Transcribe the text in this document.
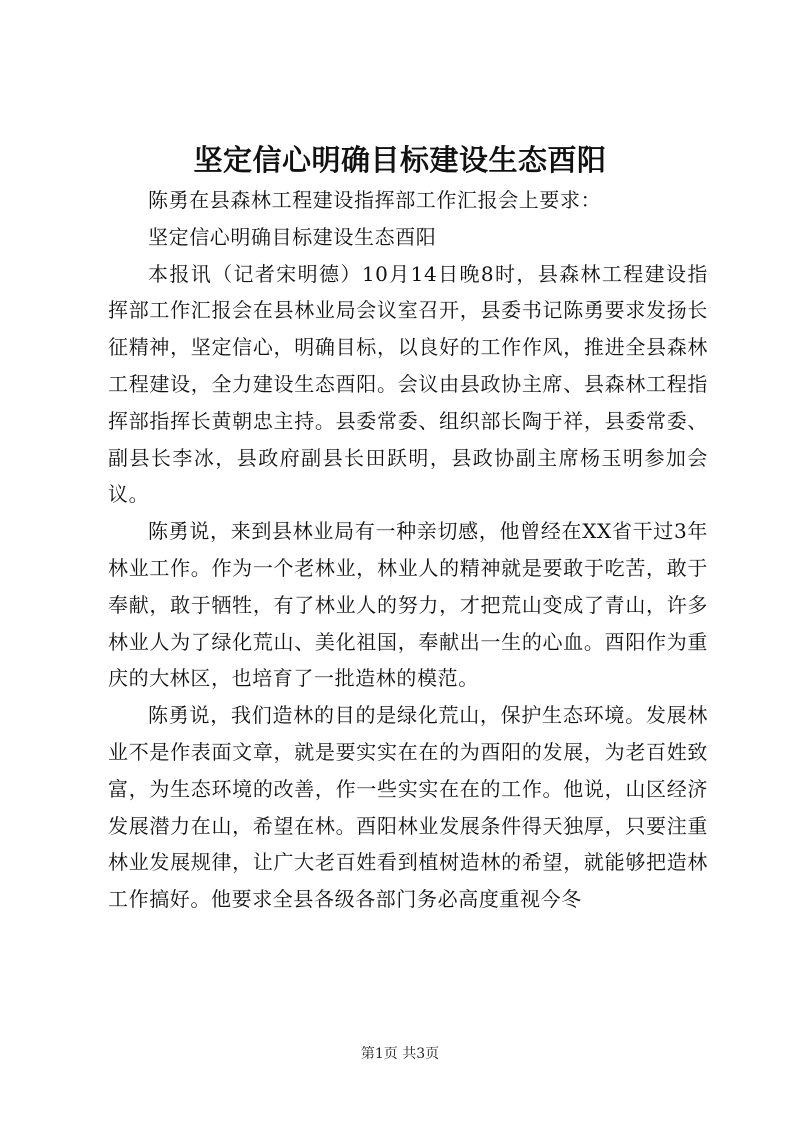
坚定信心明确目标建设生态酉阳

陈勇在县森林工程建设指挥部工作汇报会上要求：

坚定信心明确目标建设生态酉阳

本报讯（记者宋明德）10月14日晚8时，县森林工程建设指挥部工作汇报会在县林业局会议室召开，县委书记陈勇要求发扬长征精神，坚定信心，明确目标，以良好的工作作风，推进全县森林工程建设，全力建设生态酉阳。会议由县政协主席、县森林工程指挥部指挥长黄朝忠主持。县委常委、组织部长陶于祥，县委常委、副县长李冰，县政府副县长田跃明，县政协副主席杨玉明参加会议。

陈勇说，来到县林业局有一种亲切感，他曾经在XX省干过3年林业工作。作为一个老林业，林业人的精神就是要敢于吃苦，敢于奉献，敢于牺牲，有了林业人的努力，才把荒山变成了青山，许多林业人为了绿化荒山、美化祖国，奉献出一生的心血。酉阳作为重庆的大林区，也培育了一批造林的模范。

陈勇说，我们造林的目的是绿化荒山，保护生态环境。发展林业不是作表面文章，就是要实实在在的为酉阳的发展，为老百姓致富，为生态环境的改善，作一些实实在在的工作。他说，山区经济发展潜力在山，希望在林。酉阳林业发展条件得天独厚，只要注重林业发展规律，让广大老百姓看到植树造林的希望，就能够把造林工作搞好。他要求全县各级各部门务必高度重视今冬

第1页 共3页
